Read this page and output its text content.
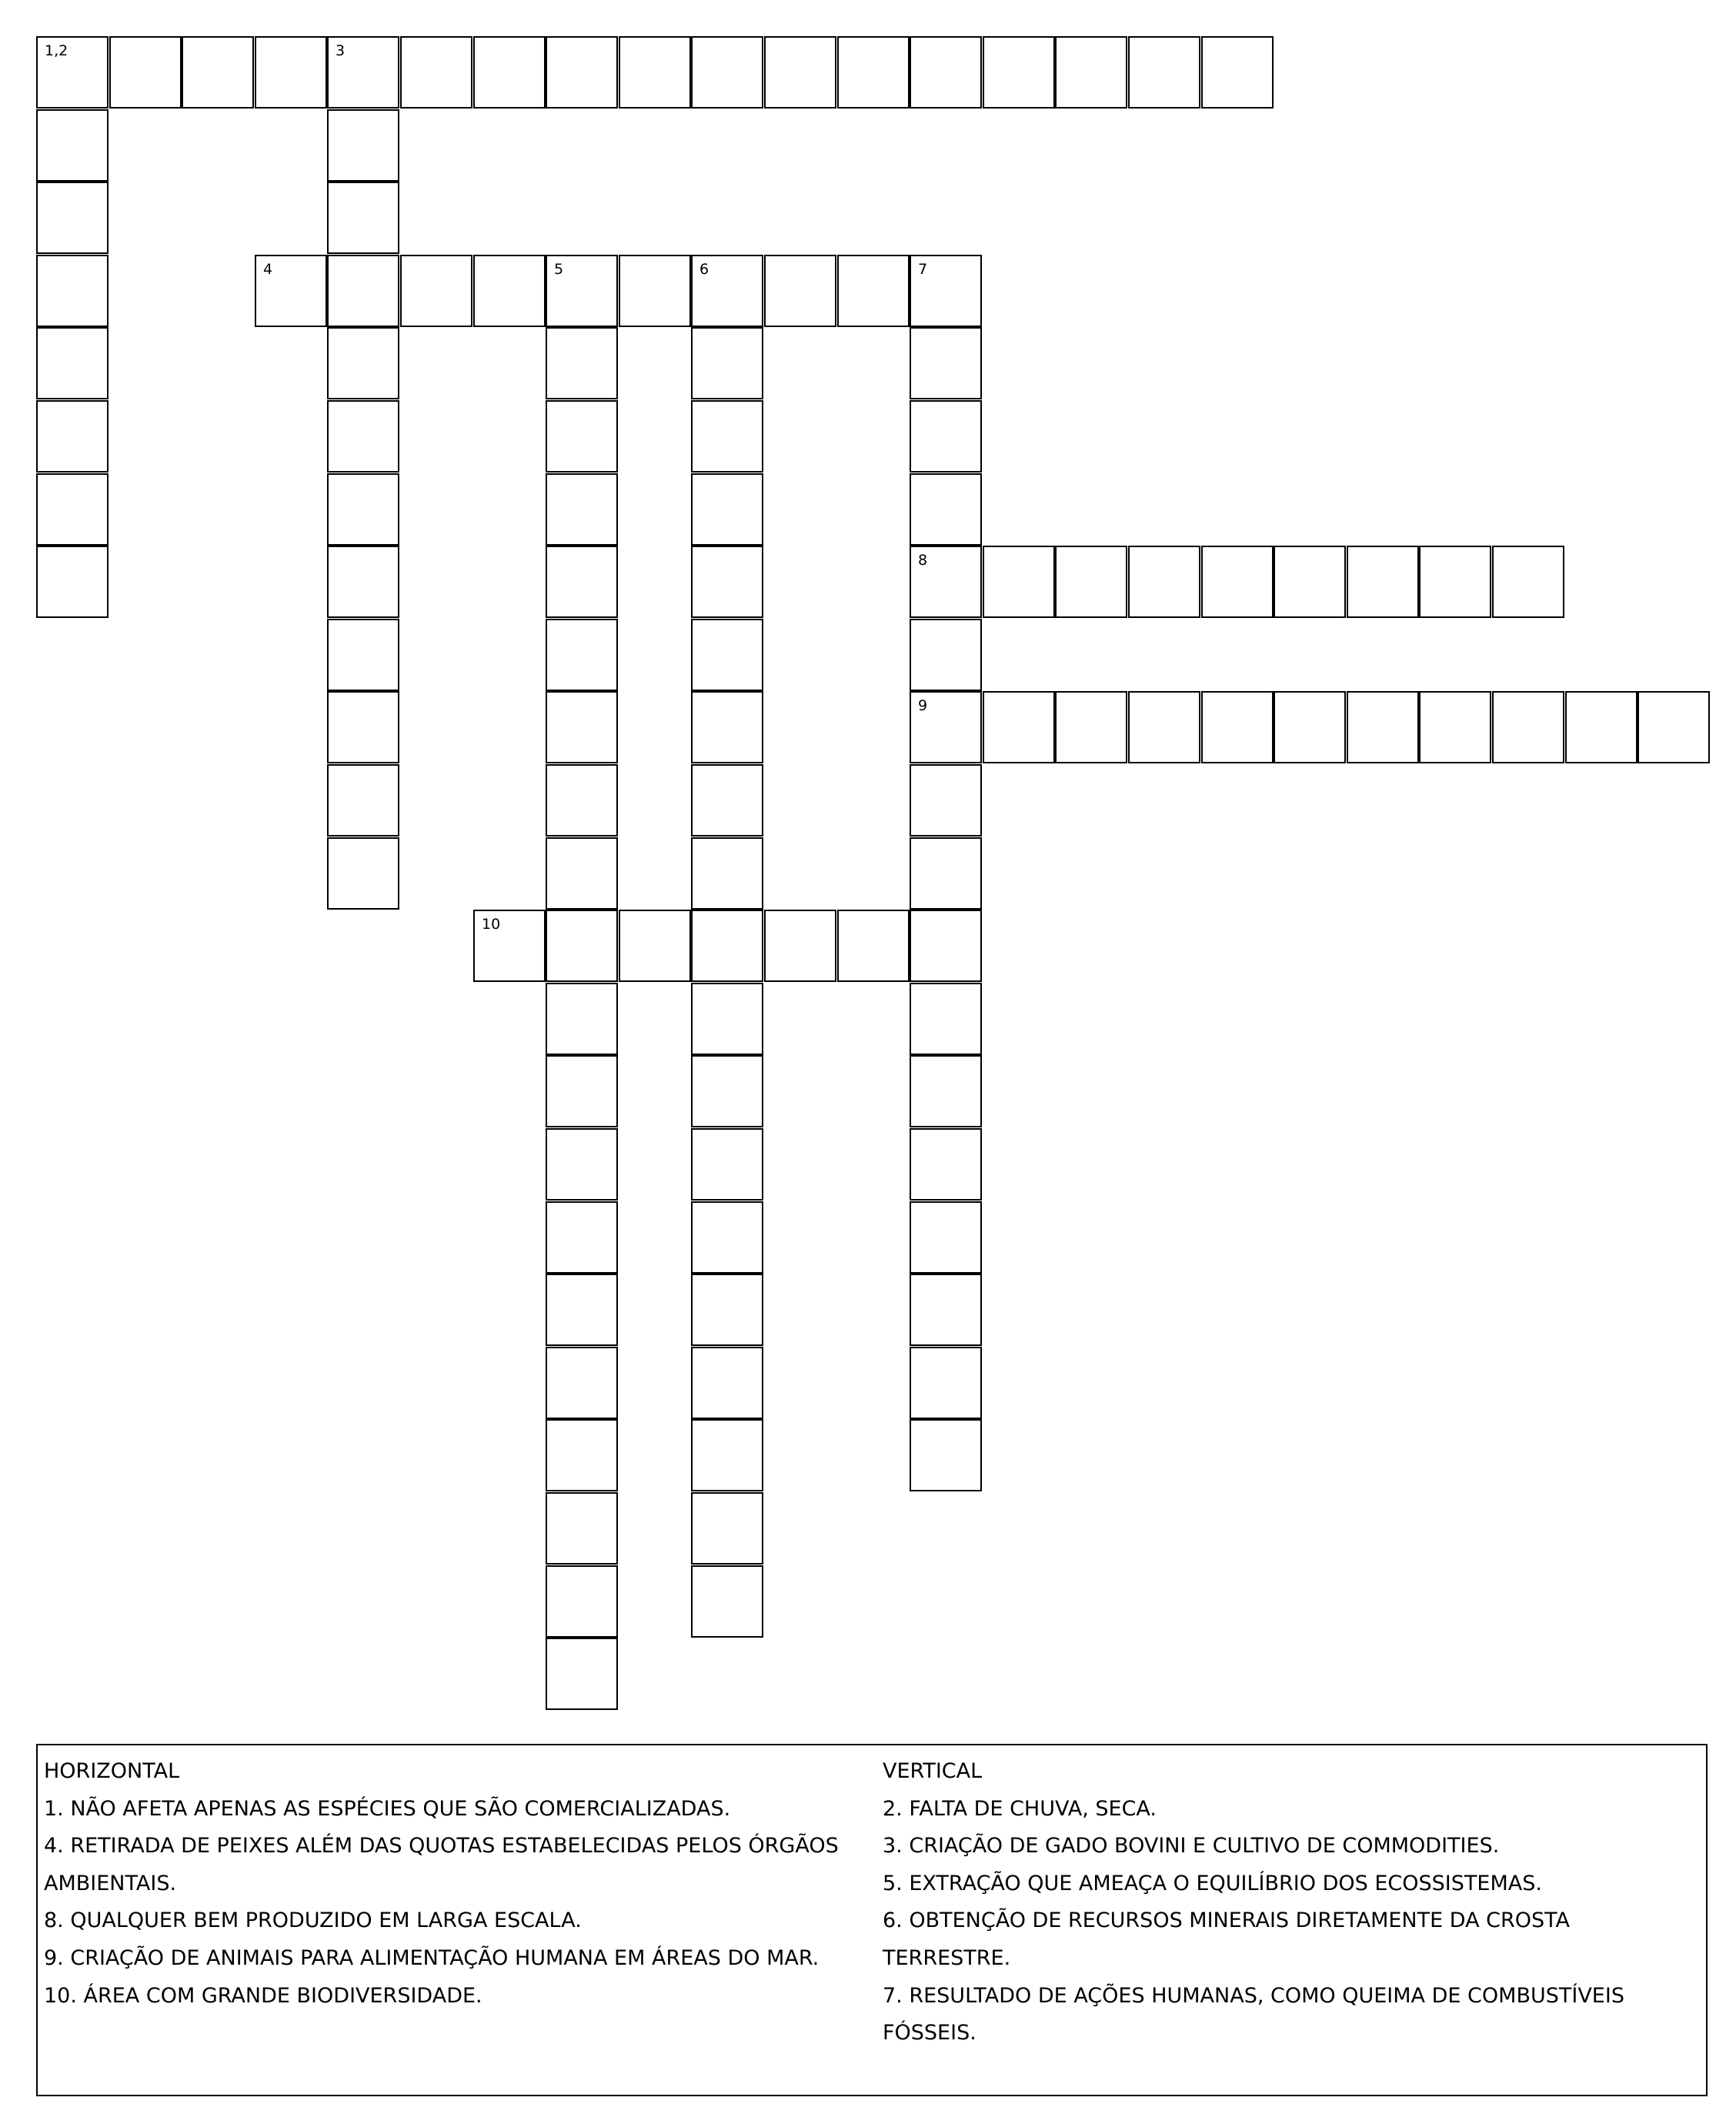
1,2	3
4	5	6	7
8
9
10
HORIZONTAL
1. NÃO AFETA APENAS AS ESPÉCIES QUE SÃO COMERCIALIZADAS.
4. RETIRADA DE PEIXES ALÉM DAS QUOTAS ESTABELECIDAS PELOS ÓRGÃOS AMBIENTAIS.
8. QUALQUER BEM PRODUZIDO EM LARGA ESCALA.
9. CRIAÇÃO DE ANIMAIS PARA ALIMENTAÇÃO HUMANA EM ÁREAS DO MAR.
10. ÁREA COM GRANDE BIODIVERSIDADE.
VERTICAL
2. FALTA DE CHUVA, SECA.
3. CRIAÇÃO DE GADO BOVINI E CULTIVO DE COMMODITIES.
5. EXTRAÇÃO QUE AMEAÇA O EQUILÍBRIO DOS ECOSSISTEMAS.
6. OBTENÇÃO DE RECURSOS MINERAIS DIRETAMENTE DA CROSTA TERRESTRE.
7. RESULTADO DE AÇÕES HUMANAS, COMO QUEIMA DE COMBUSTÍVEIS FÓSSEIS.
